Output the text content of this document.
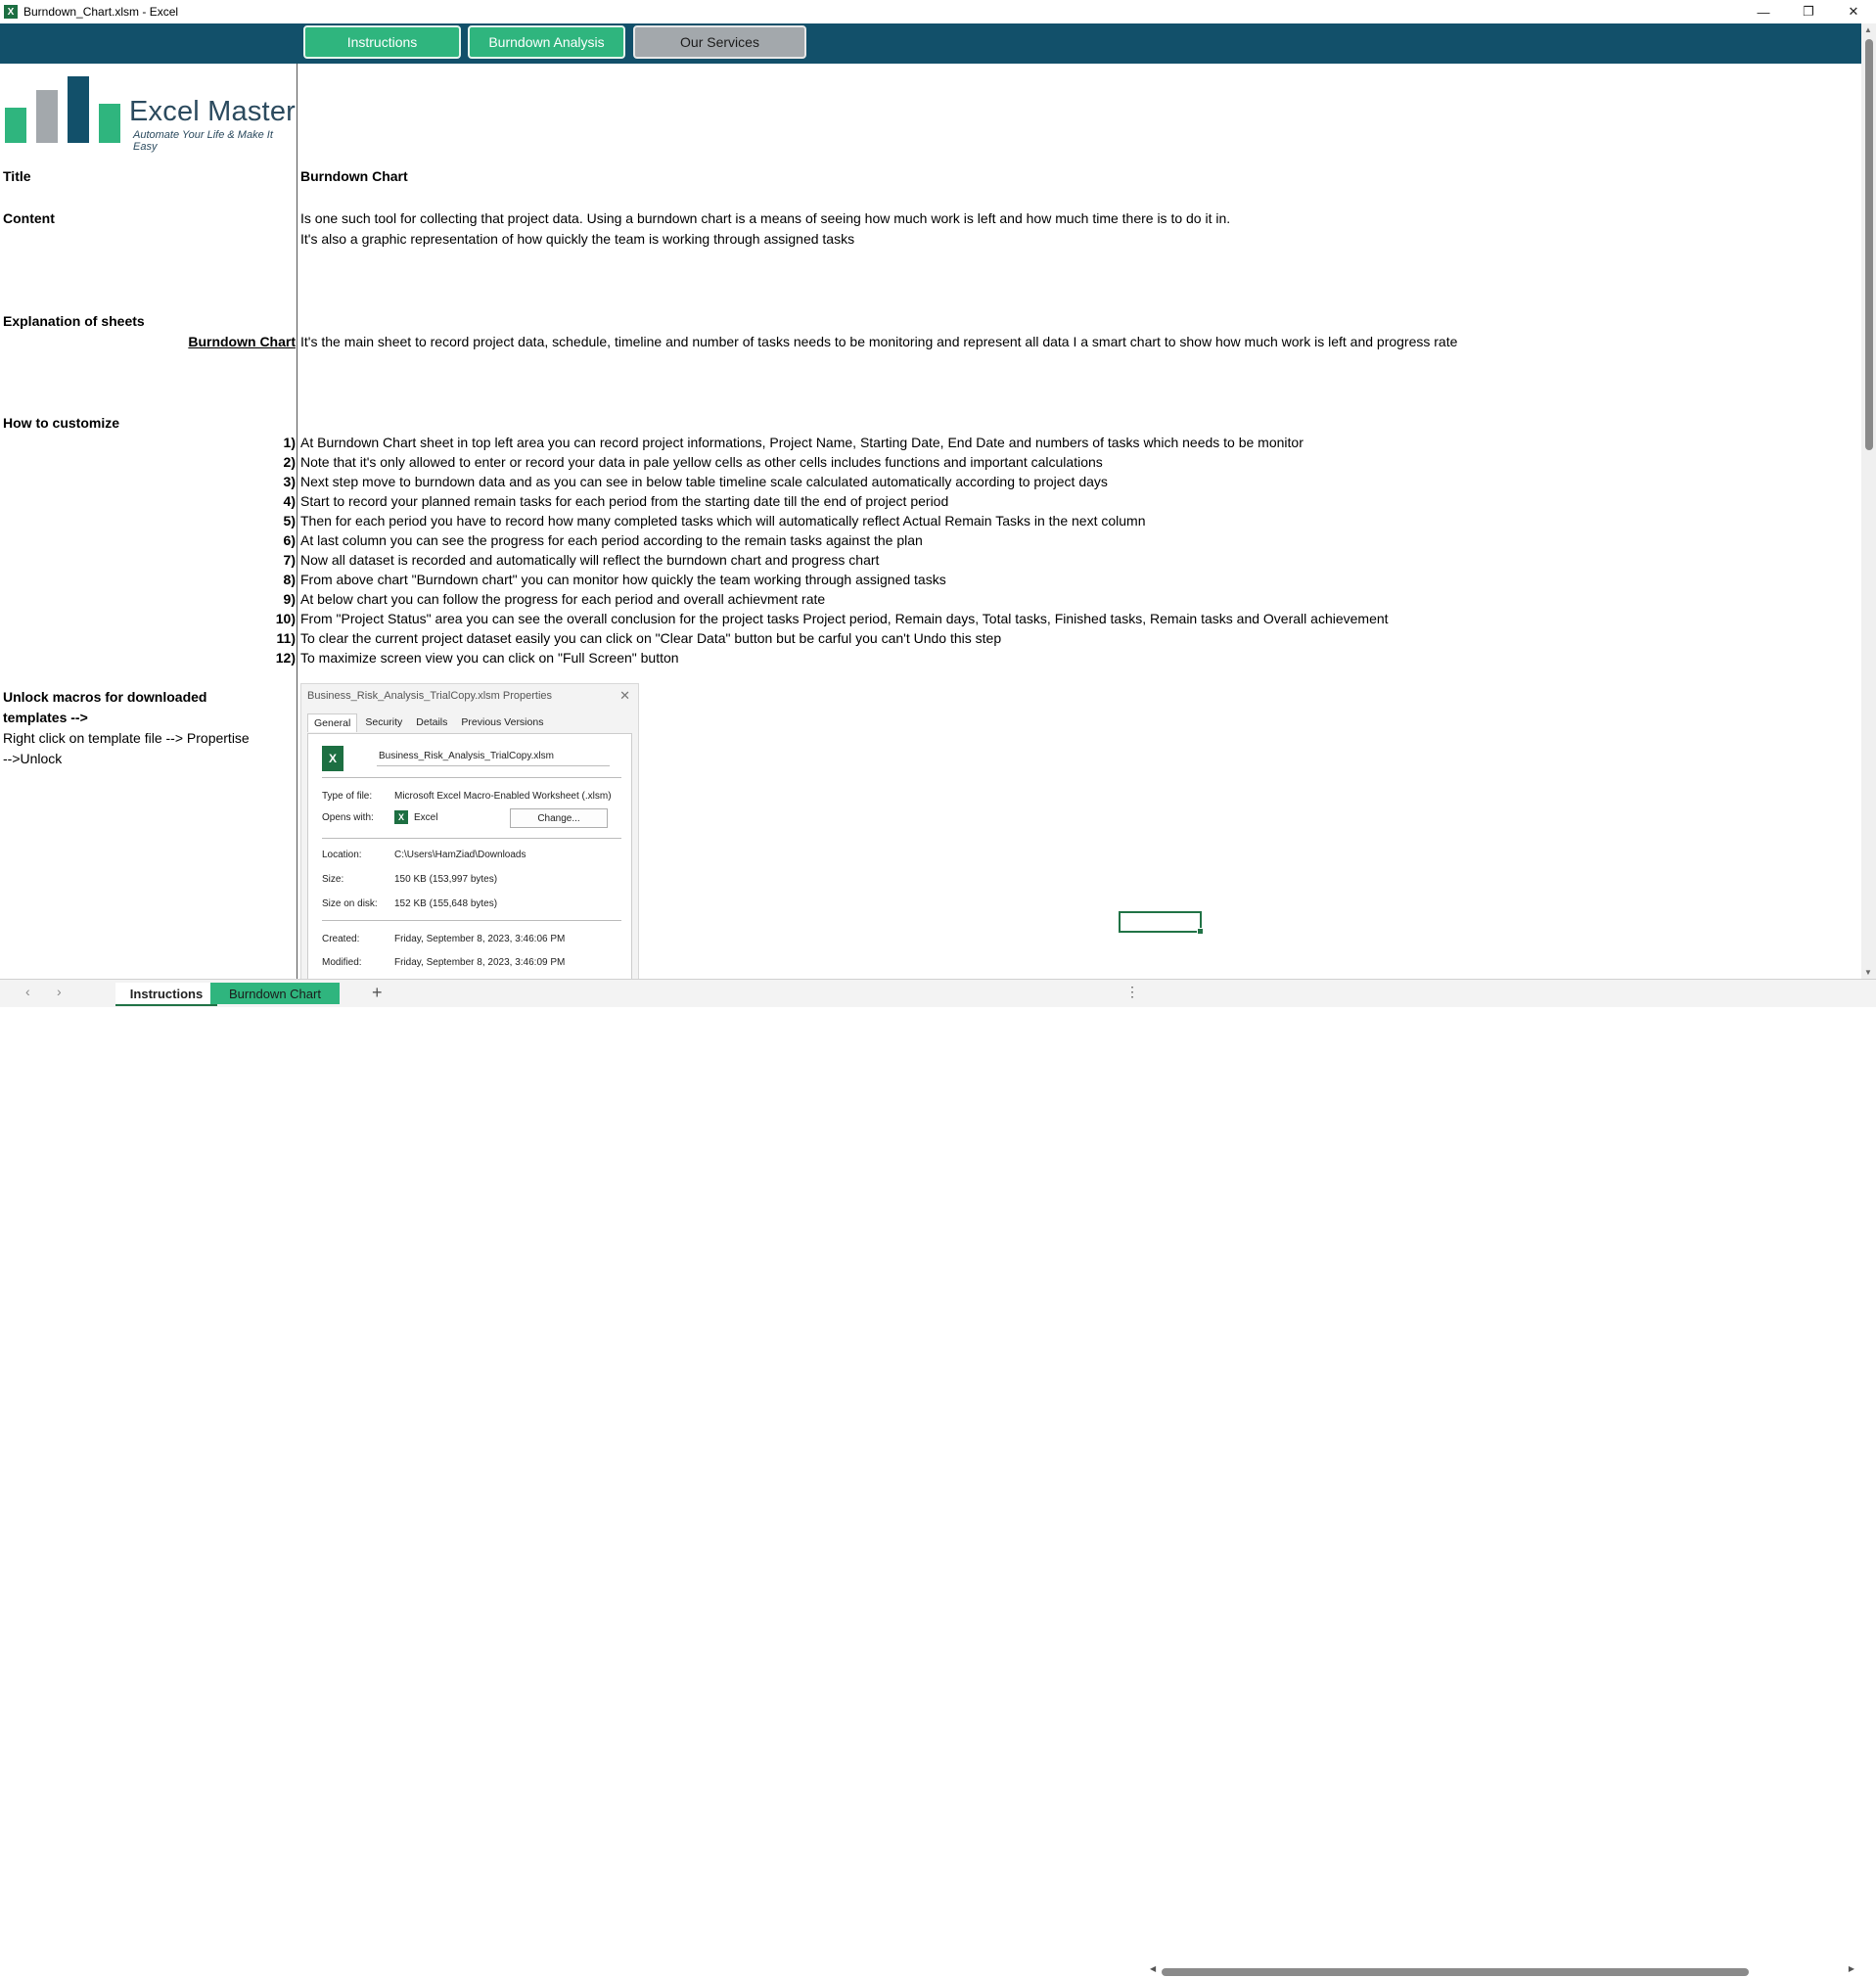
X Burndown_Chart.xlsm - Excel	—	❐	✕
Instructions	Burndown Analysis	Our Services
Excel Master
Automate Your Life & Make It Easy
Title	Burndown Chart
Content	Is one such tool for collecting that project data. Using a burndown chart is a means of seeing how much work is left and how much time there is to do it in.
It's also a graphic representation of how quickly the team is working through assigned tasks
Explanation of sheets
Burndown Chart It's the main sheet to record project data, schedule, timeline and number of tasks needs to be monitoring and represent all data I a smart chart to show how much work is left and progress rate
How to customize
1) At Burndown Chart sheet in top left area you can record project informations, Project Name, Starting Date, End Date and numbers of tasks which needs to be monitor
2) Note that it's only allowed to enter or record your data in pale yellow cells as other cells includes functions and important calculations
3) Next step move to burndown data and as you can see in below table timeline scale calculated automatically according to project days
4) Start to record your planned remain tasks for each period from the starting date till the end of project period
5) Then for each period you have to record how many completed tasks which will automatically reflect Actual Remain Tasks in the next column
6) At last column you can see the progress for each period according to the remain tasks against the plan
7) Now all dataset is recorded and automatically will reflect the burndown chart and progress chart
8) From above chart "Burndown chart" you can monitor how quickly the team working through assigned tasks
9) At below chart you can follow the progress for each period and overall achievment rate
10) From "Project Status" area you can see the overall conclusion for the project tasks Project period, Remain days, Total tasks, Finished tasks, Remain tasks and Overall achievement
11) To clear the current project dataset easily you can click on "Clear Data" button but be carful you can't Undo this step
12) To maximize screen view you can click on "Full Screen" button
Unlock macros for downloaded
templates -->
Right click on template file --> Propertise
-->Unlock
Business_Risk_Analysis_TrialCopy.xlsm Properties	✕
General	Security	Details	Previous Versions
X	Business_Risk_Analysis_TrialCopy.xlsm
Type of file: Microsoft Excel Macro-Enabled Worksheet (.xlsm)
Opens with:	X	Excel	Change...
Location:	C:\Users\HamZiad\Downloads
Size:	150 KB (153,997 bytes)
Size on disk: 152 KB (155,648 bytes)
Created:	Friday, September 8, 2023, 3:46:06 PM
Modified:	Friday, September 8, 2023, 3:46:09 PM
▲
▼
‹ ›	Instructions	Burndown Chart	+	⋮
◀	▶
